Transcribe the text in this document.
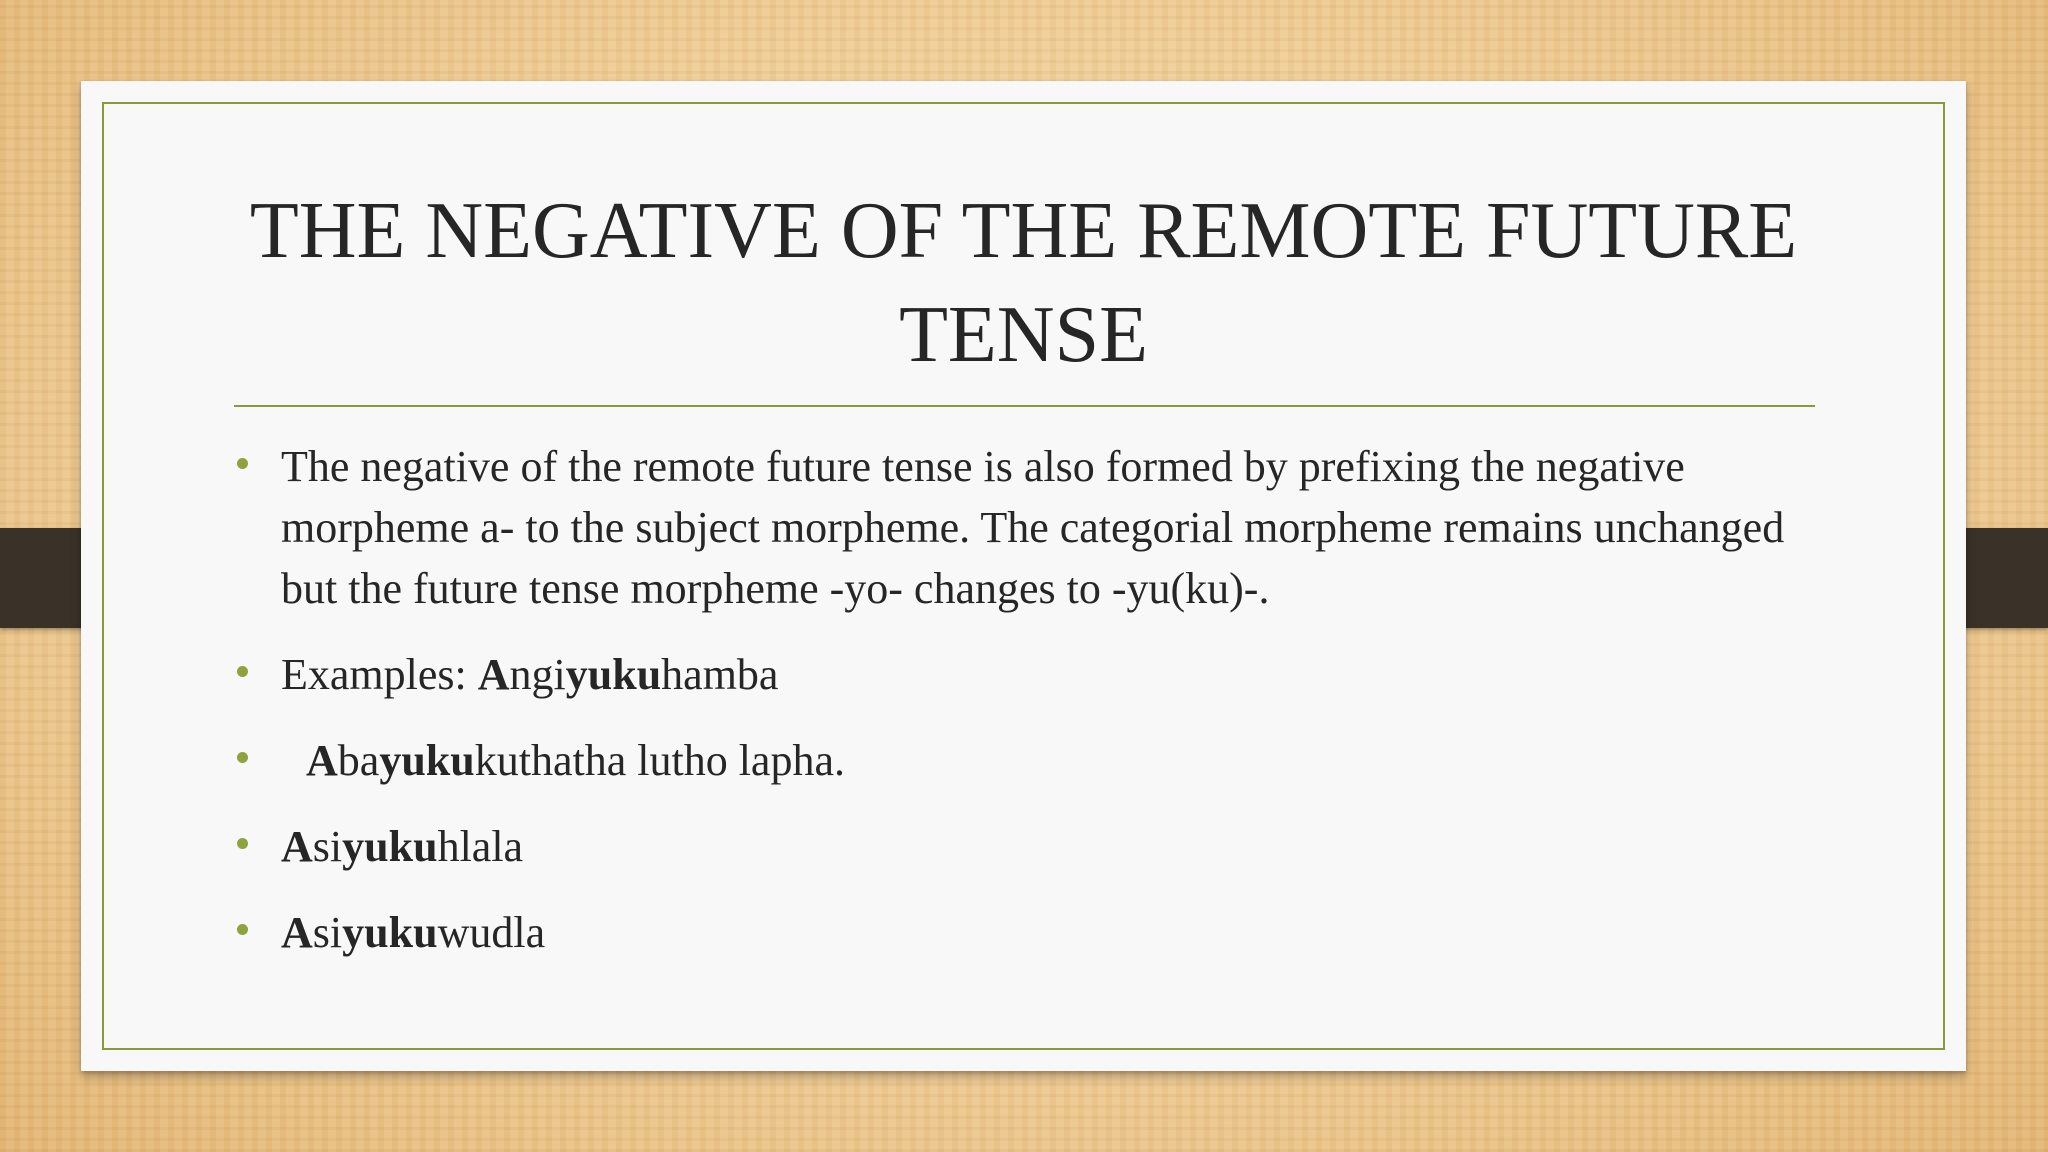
THE NEGATIVE OF THE REMOTE FUTURE TENSE
The negative of the remote future tense is also formed by prefixing the negative morpheme a- to the subject morpheme. The categorial morpheme remains unchanged but the future tense morpheme -yo- changes to -yu(ku)-.
Examples: Angiyukuhamba
Abayukukuthatha lutho lapha.
Asiyukuhlala
Asiyukuwudla
